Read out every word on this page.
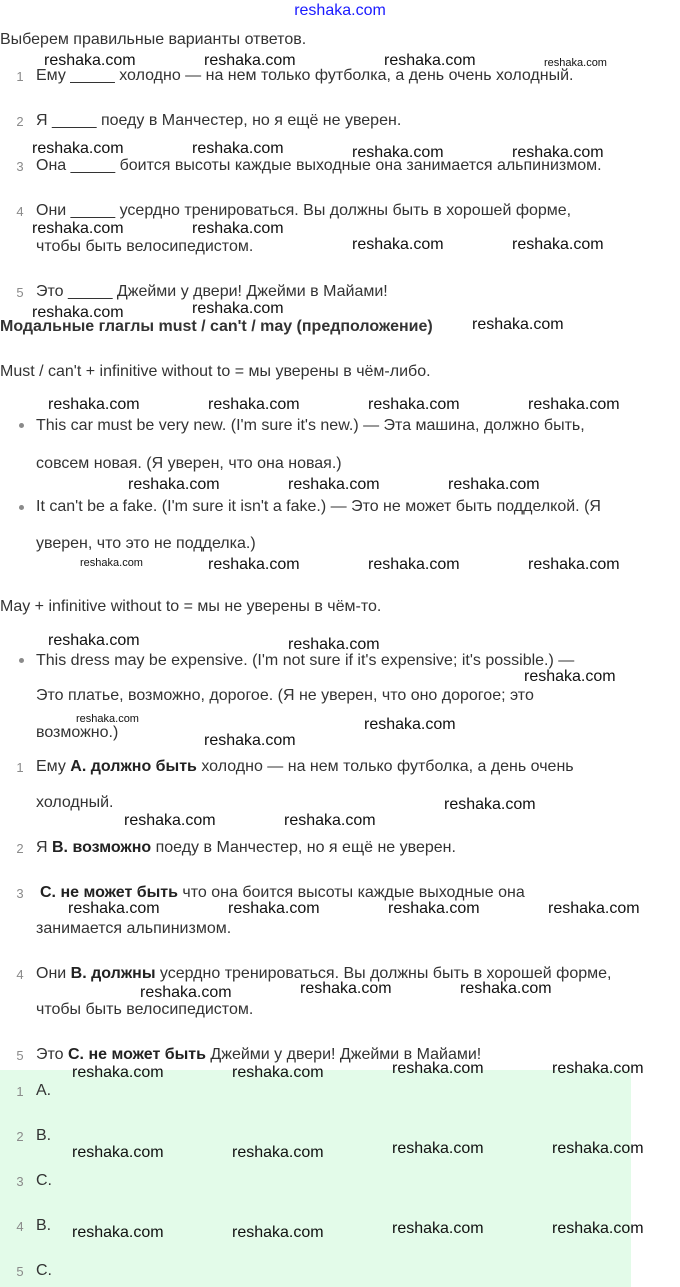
reshaka.com
Выберем правильные варианты ответов.
1 Ему _____ холодно — на нем только футболка, а день очень холодный.
2 Я _____ поеду в Манчестер, но я ещё не уверен.
3 Она _____ боится высоты каждые выходные она занимается альпинизмом.
4 Они _____ усердно тренироваться. Вы должны быть в хорошей форме,
чтобы быть велосипедистом.
5 Это _____ Джейми у двери! Джейми в Майами!
Модальные глаглы must / can't / may (предположение)
Must / can't + infinitive without to = мы уверены в чём-либо.
This car must be very new. (I'm sure it's new.) — Эта машина, должно быть,
совсем новая. (Я уверен, что она новая.)
It can't be a fake. (I'm sure it isn't a fake.) — Это не может быть подделкой. (Я
уверен, что это не подделка.)
May + infinitive without to = мы не уверены в чём-то.
This dress may be expensive. (I'm not sure if it's expensive; it's possible.) —
Это платье, возможно, дорогое. (Я не уверен, что оно дорогое; это
возможно.)
1 Ему A. должно быть холодно — на нем только футболка, а день очень
холодный.
2 Я B. возможно поеду в Манчестер, но я ещё не уверен.
3	C. не может быть что она боится высоты каждые выходные она
занимается альпинизмом.
4 Они B. должны усердно тренироваться. Вы должны быть в хорошей форме,
чтобы быть велосипедистом.
5 Это C. не может быть Джейми у двери! Джейми в Майами!
1 A.
2 B.
3 C.
4 B.
5 C.
reshaka.com	reshaka.com	reshaka.com	reshaka.com
reshaka.com	reshaka.com	reshaka.com	reshaka.com
reshaka.com	reshaka.com
reshaka.com	reshaka.com
reshaka.com	reshaka.com
reshaka.com
reshaka.com	reshaka.com	reshaka.com	reshaka.com
reshaka.com	reshaka.com	reshaka.com
reshaka.com	reshaka.com	reshaka.com	reshaka.com
reshaka.com	reshaka.com
reshaka.com
reshaka.com	reshaka.com
reshaka.com
reshaka.com
reshaka.com	reshaka.com
reshaka.com	reshaka.com	reshaka.com	reshaka.com
reshaka.com	reshaka.com	reshaka.com
reshaka.com	reshaka.com	reshaka.com	reshaka.com
reshaka.com	reshaka.com	reshaka.com	reshaka.com
reshaka.com	reshaka.com	reshaka.com	reshaka.com
